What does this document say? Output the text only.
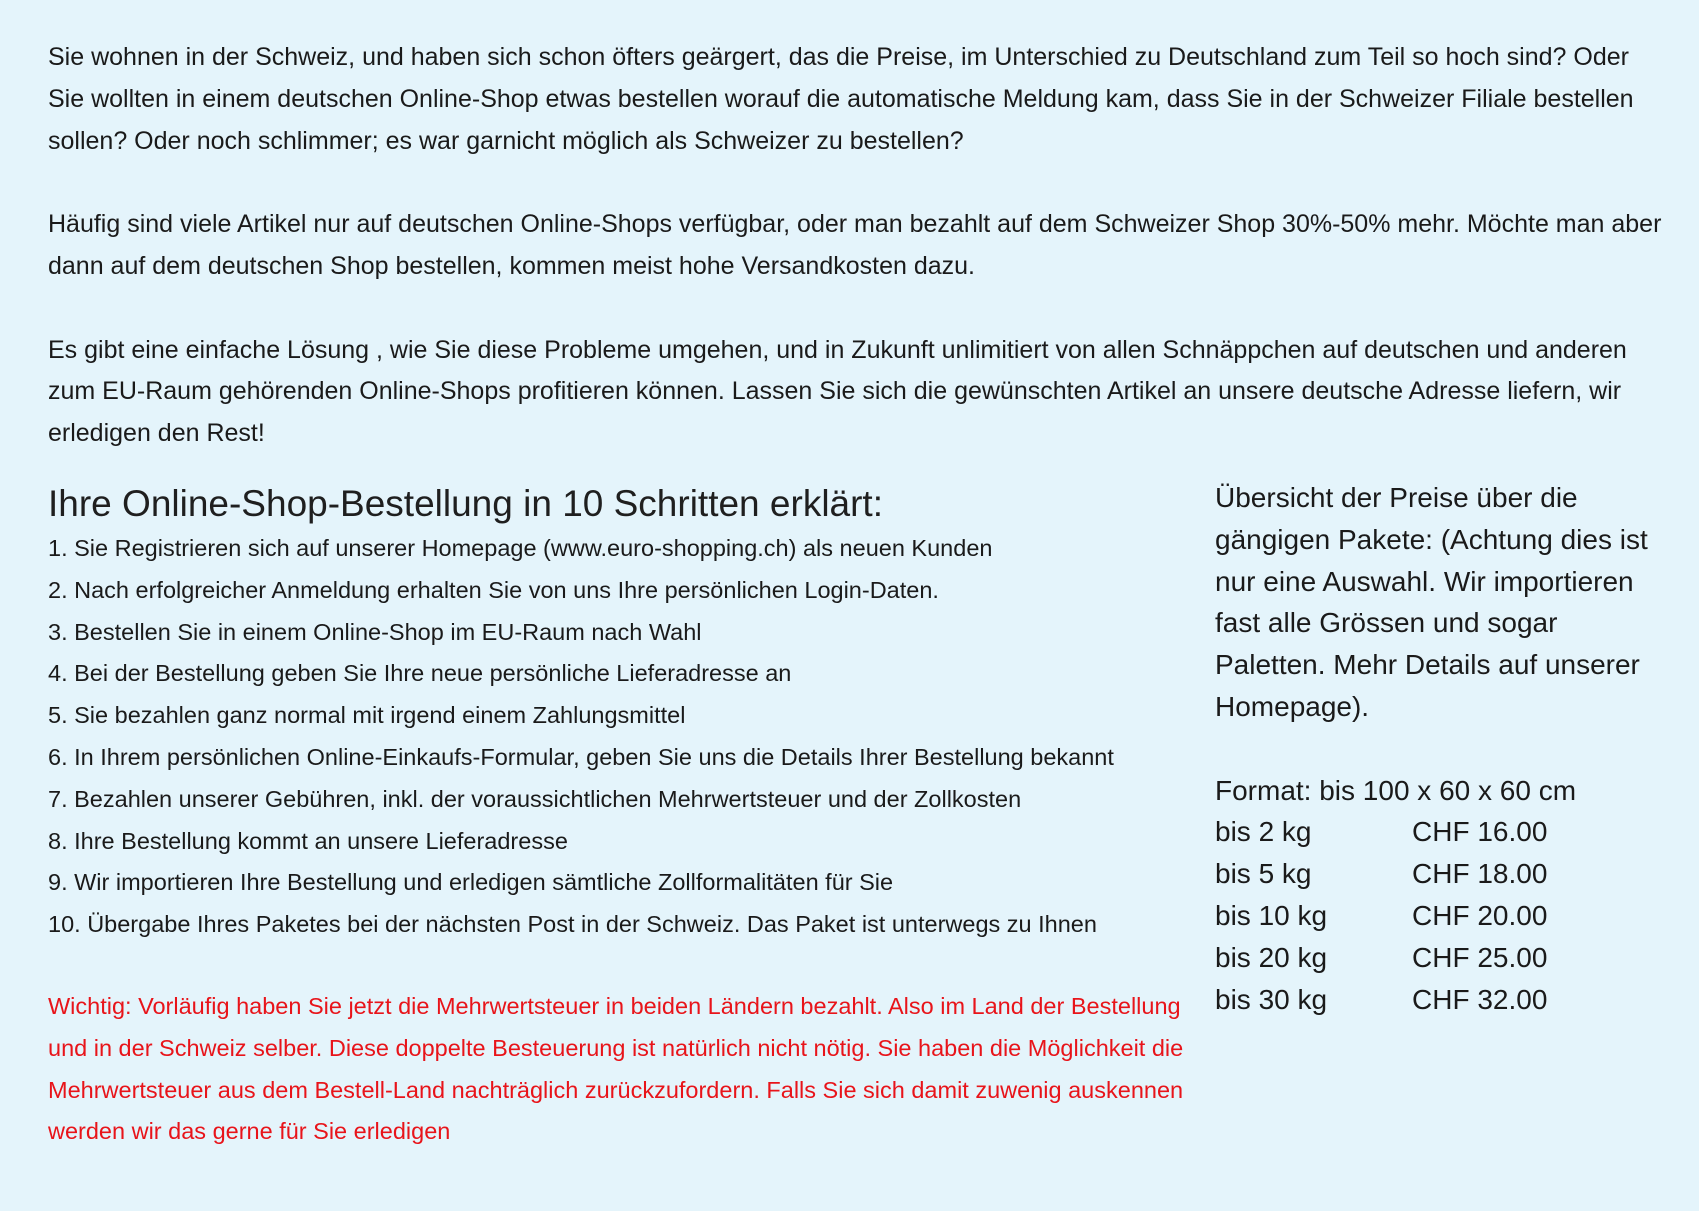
Sie wohnen in der Schweiz, und haben sich schon öfters geärgert, das die Preise, im Unterschied zu Deutschland zum Teil so hoch sind? Oder Sie wollten in einem deutschen Online-Shop etwas bestellen worauf die automatische Meldung kam, dass Sie in der Schweizer Filiale bestellen sollen? Oder noch schlimmer; es war garnicht möglich als Schweizer zu bestellen?

Häufig sind viele Artikel nur auf deutschen Online-Shops verfügbar, oder man bezahlt auf dem Schweizer Shop 30%-50% mehr. Möchte man aber dann auf dem deutschen Shop bestellen, kommen meist hohe Versandkosten dazu.

Es gibt eine einfache Lösung , wie Sie diese Probleme umgehen, und in Zukunft unlimitiert von allen Schnäppchen auf deutschen und anderen zum EU-Raum gehörenden Online-Shops profitieren können. Lassen Sie sich die gewünschten Artikel an unsere deutsche Adresse liefern, wir erledigen den Rest!

Ihre Online-Shop-Bestellung in 10 Schritten erklärt:
1. Sie Registrieren sich auf unserer Homepage (www.euro-shopping.ch) als neuen Kunden
2. Nach erfolgreicher Anmeldung erhalten Sie von uns Ihre persönlichen Login-Daten.
3. Bestellen Sie in einem Online-Shop im EU-Raum nach Wahl
4. Bei der Bestellung geben Sie Ihre neue persönliche Lieferadresse an
5. Sie bezahlen ganz normal mit irgend einem Zahlungsmittel
6. In Ihrem persönlichen Online-Einkaufs-Formular, geben Sie uns die Details Ihrer Bestellung bekannt
7. Bezahlen unserer Gebühren, inkl. der voraussichtlichen Mehrwertsteuer und der Zollkosten
8. Ihre Bestellung kommt an unsere Lieferadresse
9. Wir importieren Ihre Bestellung und erledigen sämtliche Zollformalitäten für Sie
10. Übergabe Ihres Paketes bei der nächsten Post in der Schweiz. Das Paket ist unterwegs zu Ihnen
Wichtig: Vorläufig haben Sie jetzt die Mehrwertsteuer in beiden Ländern bezahlt. Also im Land der Bestellung und in der Schweiz selber. Diese doppelte Besteuerung ist natürlich nicht nötig. Sie haben die Möglichkeit die Mehrwertsteuer aus dem Bestell-Land nachträglich zurückzufordern. Falls Sie sich damit zuwenig auskennen werden wir das gerne für Sie erledigen
Übersicht der Preise über die gängigen Pakete: (Achtung dies ist nur eine Auswahl. Wir importieren fast alle Grössen und sogar Paletten. Mehr Details auf unserer Homepage).
Format: bis 100 x 60 x 60 cm
bis 2 kg	CHF 16.00
bis 5 kg	CHF 18.00
bis 10 kg	CHF 20.00
bis 20 kg	CHF 25.00
bis 30 kg	CHF 32.00
